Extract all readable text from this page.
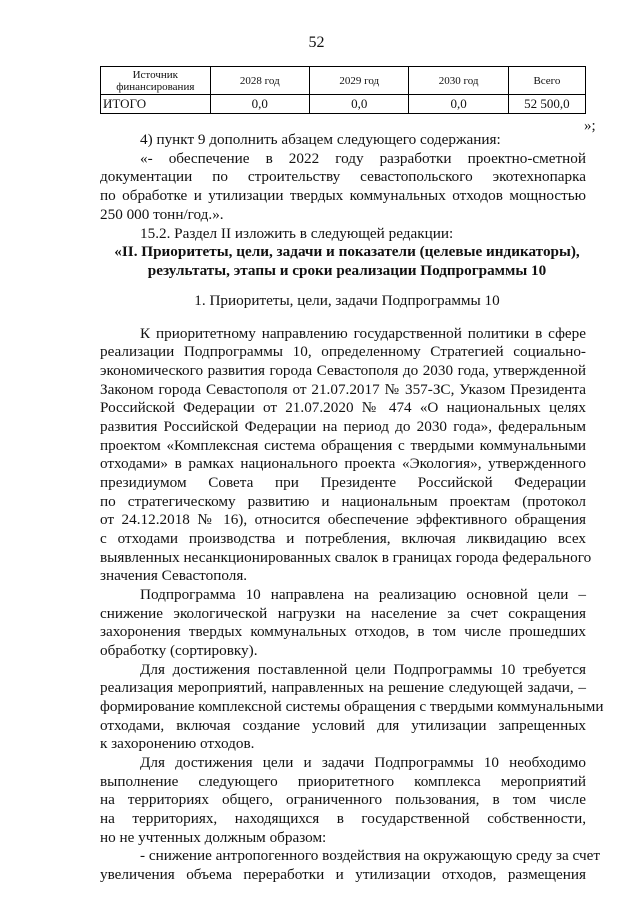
52
Источник финансирования	2028 год	2029 год	2030 год	Всего
ИТОГО	0,0	0,0	0,0	52 500,0
»;
4) пункт 9 дополнить абзацем следующего содержания:
«- обеспечение в 2022 году разработки проектно-сметной
документации по строительству севастопольского экотехнопарка
по обработке и утилизации твердых коммунальных отходов мощностью
250 000 тонн/год.».
15.2. Раздел II изложить в следующей редакции:
«II. Приоритеты, цели, задачи и показатели (целевые индикаторы),
результаты, этапы и сроки реализации Подпрограммы 10
1. Приоритеты, цели, задачи Подпрограммы 10
К приоритетному направлению государственной политики в сфере
реализации Подпрограммы 10, определенному Стратегией социально-
экономического развития города Севастополя до 2030 года, утвержденной
Законом города Севастополя от 21.07.2017 № 357-ЗС, Указом Президента
Российской Федерации от 21.07.2020 № 474 «О национальных целях
развития Российской Федерации на период до 2030 года», федеральным
проектом «Комплексная система обращения с твердыми коммунальными
отходами» в рамках национального проекта «Экология», утвержденного
президиумом Совета при Президенте Российской Федерации
по стратегическому развитию и национальным проектам (протокол
от 24.12.2018 № 16), относится обеспечение эффективного обращения
с отходами производства и потребления, включая ликвидацию всех
выявленных несанкционированных свалок в границах города федерального
значения Севастополя.
Подпрограмма 10 направлена на реализацию основной цели –
снижение экологической нагрузки на население за счет сокращения
захоронения твердых коммунальных отходов, в том числе прошедших
обработку (сортировку).
Для достижения поставленной цели Подпрограммы 10 требуется
реализация мероприятий, направленных на решение следующей задачи, –
формирование комплексной системы обращения с твердыми коммунальными
отходами, включая создание условий для утилизации запрещенных
к захоронению отходов.
Для достижения цели и задачи Подпрограммы 10 необходимо
выполнение следующего приоритетного комплекса мероприятий
на территориях общего, ограниченного пользования, в том числе
на территориях, находящихся в государственной собственности,
но не учтенных должным образом:
- снижение антропогенного воздействия на окружающую среду за счет
увеличения объема переработки и утилизации отходов, размещения
